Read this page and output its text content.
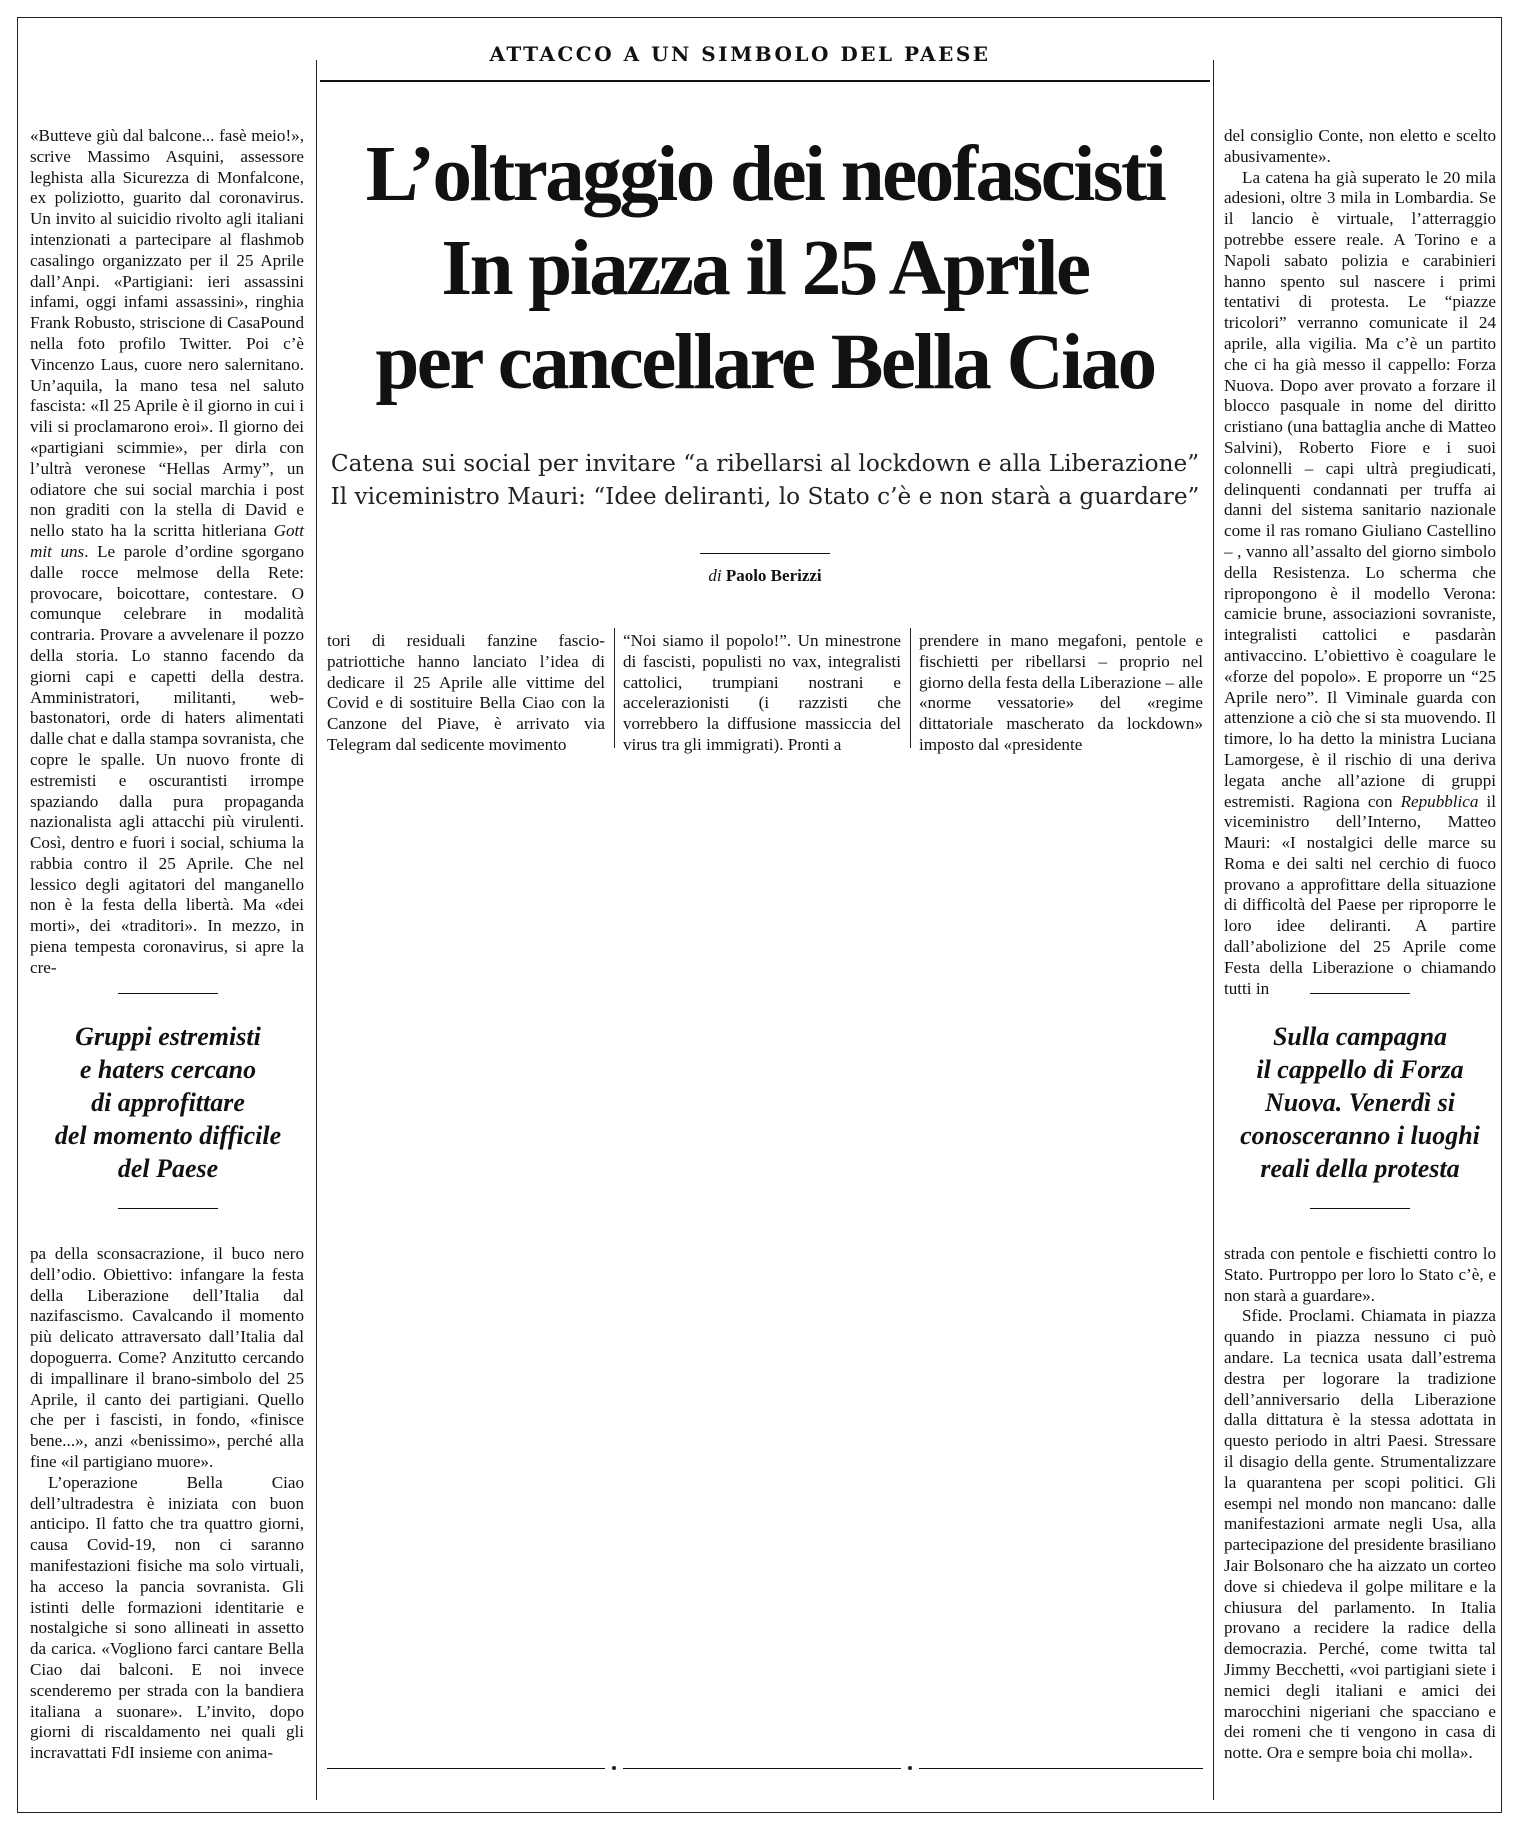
ATTACCO A UN SIMBOLO DEL PAESE
L’oltraggio dei neofascisti
In piazza il 25 Aprile
per cancellare Bella Ciao
Catena sui social per invitare “a ribellarsi al lockdown e alla Liberazione”
Il viceministro Mauri: “Idee deliranti, lo Stato c’è e non starà a guardare”
di Paolo Berizzi

«Butteve giù dal balcone... fasè meio!», scrive Massimo Asquini, assessore leghista alla Sicurezza di Monfalcone, ex poliziotto, guarito dal coronavirus. Un invito al suicidio rivolto agli italiani intenzionati a partecipare al flashmob casalingo organizzato per il 25 Aprile dall’Anpi. «Partigiani: ieri assassini infami, oggi infami assassini», ringhia Frank Robusto, striscione di CasaPound nella foto profilo Twitter. Poi c’è Vincenzo Laus, cuore nero salernitano. Un’aquila, la mano tesa nel saluto fascista: «Il 25 Aprile è il giorno in cui i vili si proclamarono eroi». Il giorno dei «partigiani scimmie», per dirla con l’ultrà veronese “Hellas Army”, un odiatore che sui social marchia i post non graditi con la stella di David e nello stato ha la scritta hitleriana Gott mit uns. Le parole d’ordine sgorgano dalle rocce melmose della Rete: provocare, boicottare, contestare. O comunque celebrare in modalità contraria. Provare a avvelenare il pozzo della storia. Lo stanno facendo da giorni capi e capetti della destra. Amministratori, militanti, web-bastonatori, orde di haters alimentati dalle chat e dalla stampa sovranista, che copre le spalle. Un nuovo fronte di estremisti e oscurantisti irrompe spaziando dalla pura propaganda nazionalista agli attacchi più virulenti. Così, dentro e fuori i social, schiuma la rabbia contro il 25 Aprile. Che nel lessico degli agitatori del manganello non è la festa della libertà. Ma «dei morti», dei «traditori». In mezzo, in piena tempesta coronavirus, si apre la cre-

Gruppi estremisti
e haters cercano
di approfittare
del momento difficile
del Paese

pa della sconsacrazione, il buco nero dell’odio. Obiettivo: infangare la festa della Liberazione dell’Italia dal nazifascismo. Cavalcando il momento più delicato attraversato dall’Italia dal dopoguerra. Come? Anzitutto cercando di impallinare il brano-simbolo del 25 Aprile, il canto dei partigiani. Quello che per i fascisti, in fondo, «finisce bene...», anzi «benissimo», perché alla fine «il partigiano muore».

L’operazione Bella Ciao dell’ultradestra è iniziata con buon anticipo. Il fatto che tra quattro giorni, causa Covid-19, non ci saranno manifestazioni fisiche ma solo virtuali, ha acceso la pancia sovranista. Gli istinti delle formazioni identitarie e nostalgiche si sono allineati in assetto da carica. «Vogliono farci cantare Bella Ciao dai balconi. E noi invece scenderemo per strada con la bandiera italiana a suonare». L’invito, dopo giorni di riscaldamento nei quali gli incravattati FdI insieme con anima-

tori di residuali fanzine fascio-patriottiche hanno lanciato l’idea di dedicare il 25 Aprile alle vittime del Covid e di sostituire Bella Ciao con la Canzone del Piave, è arrivato via Telegram dal sedicente movimento

“Noi siamo il popolo!”. Un minestrone di fascisti, populisti no vax, integralisti cattolici, trumpiani nostrani e accelerazionisti (i razzisti che vorrebbero la diffusione massiccia del virus tra gli immigrati). Pronti a

prendere in mano megafoni, pentole e fischietti per ribellarsi – proprio nel giorno della festa della Liberazione – alle «norme vessatorie» del «regime dittatoriale mascherato da lockdown» imposto dal «presidente

del consiglio Conte, non eletto e scelto abusivamente».

La catena ha già superato le 20 mila adesioni, oltre 3 mila in Lombardia. Se il lancio è virtuale, l’atterraggio potrebbe essere reale. A Torino e a Napoli sabato polizia e carabinieri hanno spento sul nascere i primi tentativi di protesta. Le “piazze tricolori” verranno comunicate il 24 aprile, alla vigilia. Ma c’è un partito che ci ha già messo il cappello: Forza Nuova. Dopo aver provato a forzare il blocco pasquale in nome del diritto cristiano (una battaglia anche di Matteo Salvini), Roberto Fiore e i suoi colonnelli – capi ultrà pregiudicati, delinquenti condannati per truffa ai danni del sistema sanitario nazionale come il ras romano Giuliano Castellino – , vanno all’assalto del giorno simbolo della Resistenza. Lo scherma che ripropongono è il modello Verona: camicie brune, associazioni sovraniste, integralisti cattolici e pasdaràn antivaccino. L’obiettivo è coagulare le «forze del popolo». E proporre un “25 Aprile nero”. Il Viminale guarda con attenzione a ciò che si sta muovendo. Il timore, lo ha detto la ministra Luciana Lamorgese, è il rischio di una deriva legata anche all’azione di gruppi estremisti. Ragiona con Repubblica il viceministro dell’Interno, Matteo Mauri: «I nostalgici delle marce su Roma e dei salti nel cerchio di fuoco provano a approfittare della situazione di difficoltà del Paese per riproporre le loro idee deliranti. A partire dall’abolizione del 25 Aprile come Festa della Liberazione o chiamando tutti in

Sulla campagna
il cappello di Forza
Nuova. Venerdì si
conosceranno i luoghi
reali della protesta

strada con pentole e fischietti contro lo Stato. Purtroppo per loro lo Stato c’è, e non starà a guardare».

Sfide. Proclami. Chiamata in piazza quando in piazza nessuno ci può andare. La tecnica usata dall’estrema destra per logorare la tradizione dell’anniversario della Liberazione dalla dittatura è la stessa adottata in questo periodo in altri Paesi. Stressare il disagio della gente. Strumentalizzare la quarantena per scopi politici. Gli esempi nel mondo non mancano: dalle manifestazioni armate negli Usa, alla partecipazione del presidente brasiliano Jair Bolsonaro che ha aizzato un corteo dove si chiedeva il golpe militare e la chiusura del parlamento. In Italia provano a recidere la radice della democrazia. Perché, come twitta tal Jimmy Becchetti, «voi partigiani siete i nemici degli italiani e amici dei marocchini nigeriani che spacciano e dei romeni che ti vengono in casa di notte. Ora e sempre boia chi molla».
